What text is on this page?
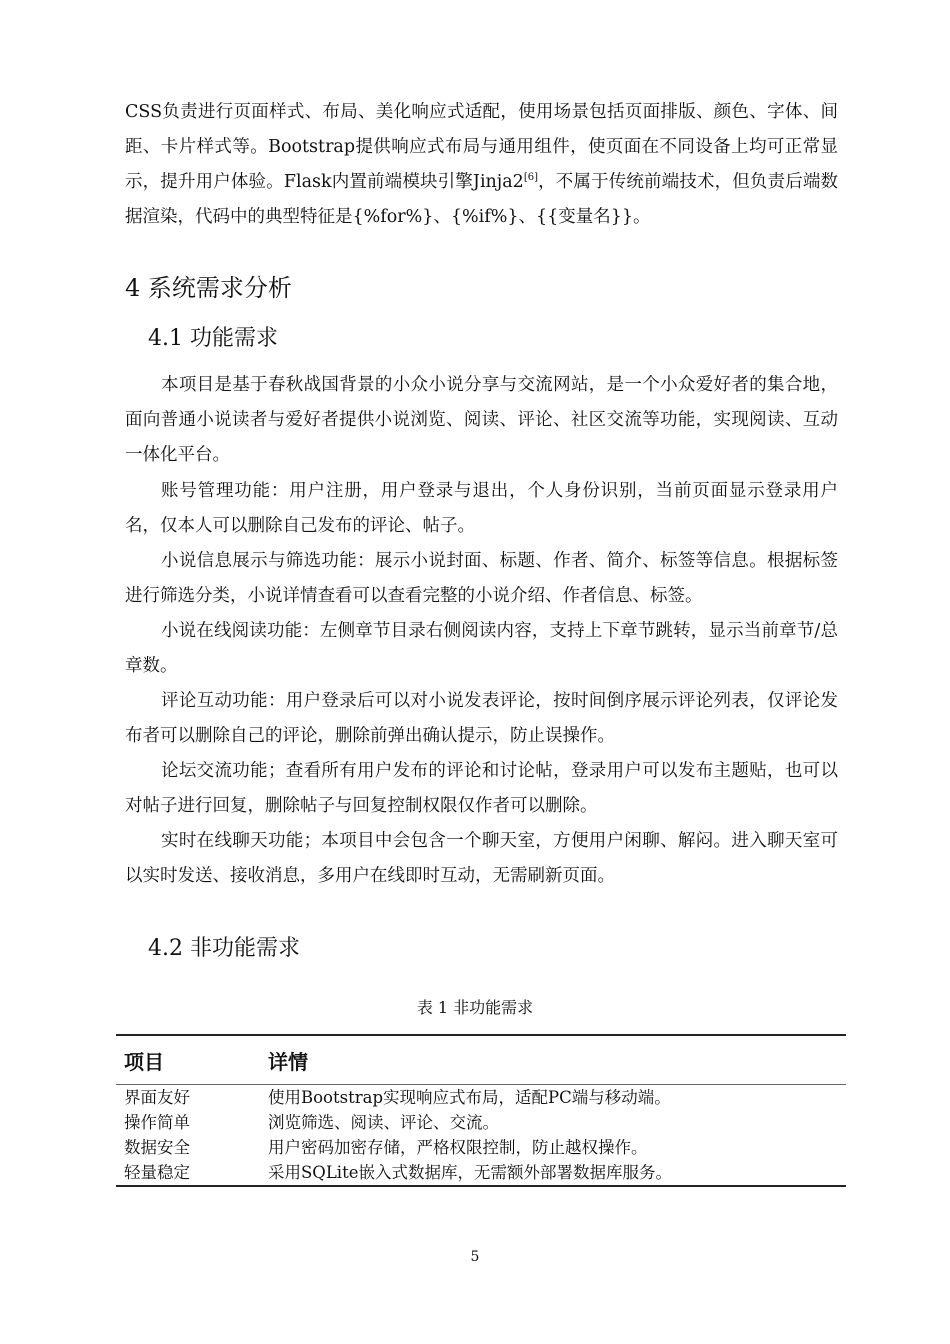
CSS负责进行页面样式、布局、美化响应式适配，使用场景包括页面排版、颜色、字体、间距、卡片样式等。Bootstrap提供响应式布局与通用组件，使页面在不同设备上均可正常显示，提升用户体验。Flask内置前端模块引擎Jinja2[6]，不属于传统前端技术，但负责后端数据渲染，代码中的典型特征是{%for%}、{%if%}、{{变量名}}。

4 系统需求分析
4.1 功能需求

本项目是基于春秋战国背景的小众小说分享与交流网站，是一个小众爱好者的集合地，面向普通小说读者与爱好者提供小说浏览、阅读、评论、社区交流等功能，实现阅读、互动一体化平台。

账号管理功能：用户注册，用户登录与退出，个人身份识别，当前页面显示登录用户名，仅本人可以删除自己发布的评论、帖子。

小说信息展示与筛选功能：展示小说封面、标题、作者、简介、标签等信息。根据标签进行筛选分类，小说详情查看可以查看完整的小说介绍、作者信息、标签。

小说在线阅读功能：左侧章节目录右侧阅读内容，支持上下章节跳转，显示当前章节/总章数。

评论互动功能：用户登录后可以对小说发表评论，按时间倒序展示评论列表，仅评论发布者可以删除自己的评论，删除前弹出确认提示，防止误操作。

论坛交流功能；查看所有用户发布的评论和讨论帖，登录用户可以发布主题贴，也可以对帖子进行回复，删除帖子与回复控制权限仅作者可以删除。

实时在线聊天功能；本项目中会包含一个聊天室，方便用户闲聊、解闷。进入聊天室可以实时发送、接收消息，多用户在线即时互动，无需刷新页面。

4.2 非功能需求

表 1 非功能需求

项目	详情
界面友好	使用Bootstrap实现响应式布局，适配PC端与移动端。
操作简单	浏览筛选、阅读、评论、交流。
数据安全	用户密码加密存储，严格权限控制，防止越权操作。
轻量稳定	采用SQLite嵌入式数据库，无需额外部署数据库服务。
5
